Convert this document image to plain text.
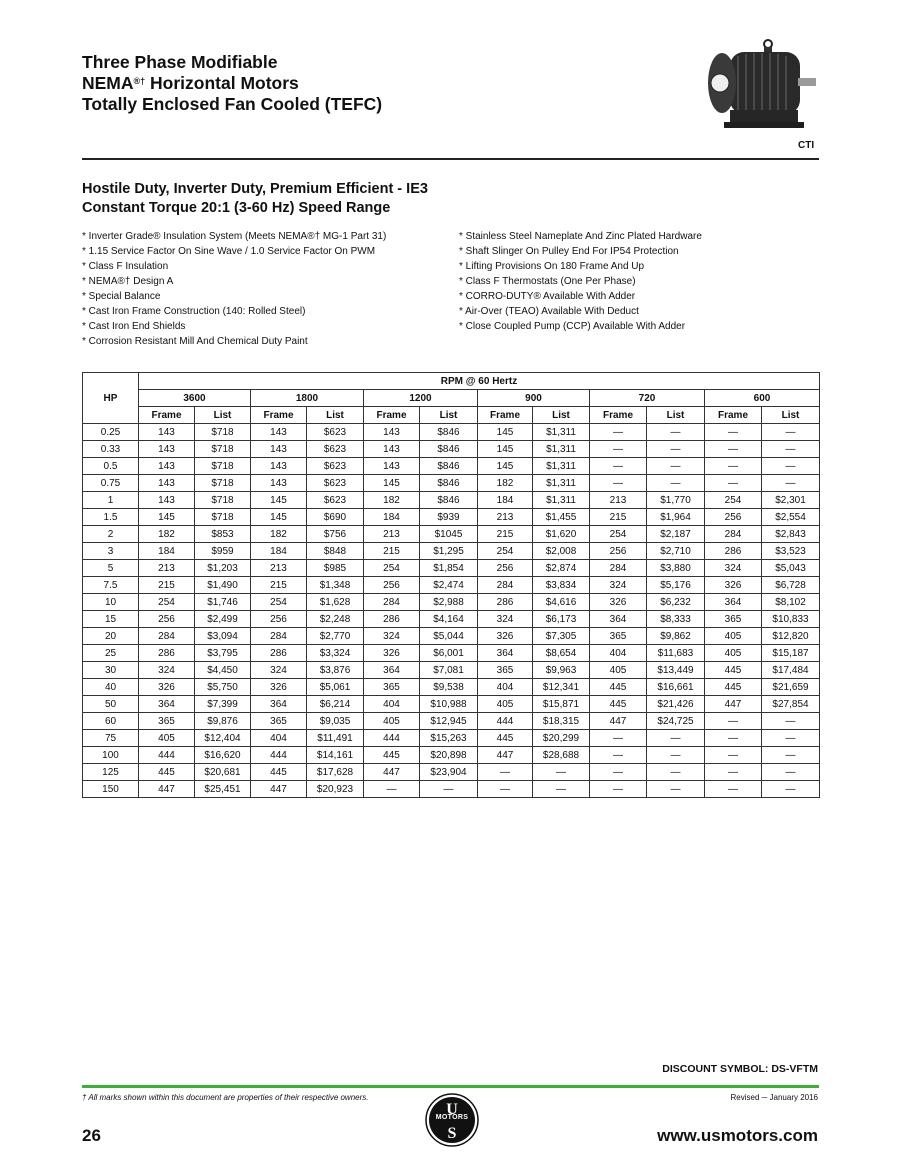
Three Phase Modifiable
NEMA®† Horizontal Motors
Totally Enclosed Fan Cooled (TEFC)
CTI
Hostile Duty, Inverter Duty, Premium Efficient - IE3
Constant Torque 20:1 (3-60 Hz) Speed Range
* Inverter Grade® Insulation System (Meets NEMA®† MG-1 Part 31)
* 1.15 Service Factor On Sine Wave / 1.0 Service Factor On PWM
* Class F Insulation
* NEMA®† Design A
* Special Balance
* Cast Iron Frame Construction (140: Rolled Steel)
* Cast Iron End Shields
* Corrosion Resistant Mill And Chemical Duty Paint
* Stainless Steel Nameplate And Zinc Plated Hardware
* Shaft Slinger On Pulley End For IP54 Protection
* Lifting Provisions On 180 Frame And Up
* Class F Thermostats (One Per Phase)
* CORRO-DUTY® Available With Adder
* Air-Over (TEAO) Available With Deduct
* Close Coupled Pump (CCP) Available With Adder
HP	RPM @ 60 Hertz											
	3600		1800		1200		900		720		600	
	Frame	List	Frame	List	Frame	List	Frame	List	Frame	List	Frame	List
0.25	143	$718	143	$623	143	$846	145	$1,311	—	—	—	—
0.33	143	$718	143	$623	143	$846	145	$1,311	—	—	—	—
0.5	143	$718	143	$623	143	$846	145	$1,311	—	—	—	—
0.75	143	$718	143	$623	145	$846	182	$1,311	—	—	—	—
1	143	$718	145	$623	182	$846	184	$1,311	213	$1,770	254	$2,301
1.5	145	$718	145	$690	184	$939	213	$1,455	215	$1,964	256	$2,554
2	182	$853	182	$756	213	$1045	215	$1,620	254	$2,187	284	$2,843
3	184	$959	184	$848	215	$1,295	254	$2,008	256	$2,710	286	$3,523
5	213	$1,203	213	$985	254	$1,854	256	$2,874	284	$3,880	324	$5,043
7.5	215	$1,490	215	$1,348	256	$2,474	284	$3,834	324	$5,176	326	$6,728
10	254	$1,746	254	$1,628	284	$2,988	286	$4,616	326	$6,232	364	$8,102
15	256	$2,499	256	$2,248	286	$4,164	324	$6,173	364	$8,333	365	$10,833
20	284	$3,094	284	$2,770	324	$5,044	326	$7,305	365	$9,862	405	$12,820
25	286	$3,795	286	$3,324	326	$6,001	364	$8,654	404	$11,683	405	$15,187
30	324	$4,450	324	$3,876	364	$7,081	365	$9,963	405	$13,449	445	$17,484
40	326	$5,750	326	$5,061	365	$9,538	404	$12,341	445	$16,661	445	$21,659
50	364	$7,399	364	$6,214	404	$10,988	405	$15,871	445	$21,426	447	$27,854
60	365	$9,876	365	$9,035	405	$12,945	444	$18,315	447	$24,725	—	—
75	405	$12,404	404	$11,491	444	$15,263	445	$20,299	—	—	—	—
100	444	$16,620	444	$14,161	445	$20,898	447	$28,688	—	—	—	—
125	445	$20,681	445	$17,628	447	$23,904	—	—	—	—	—	—
150	447	$25,451	447	$20,923	—	—	—	—	—	—	—	—
DISCOUNT SYMBOL: DS-VFTM
† All marks shown within this document are properties of their respective owners.	Revised ─ January 2016
U
S
MOTORS
26	www.usmotors.com
